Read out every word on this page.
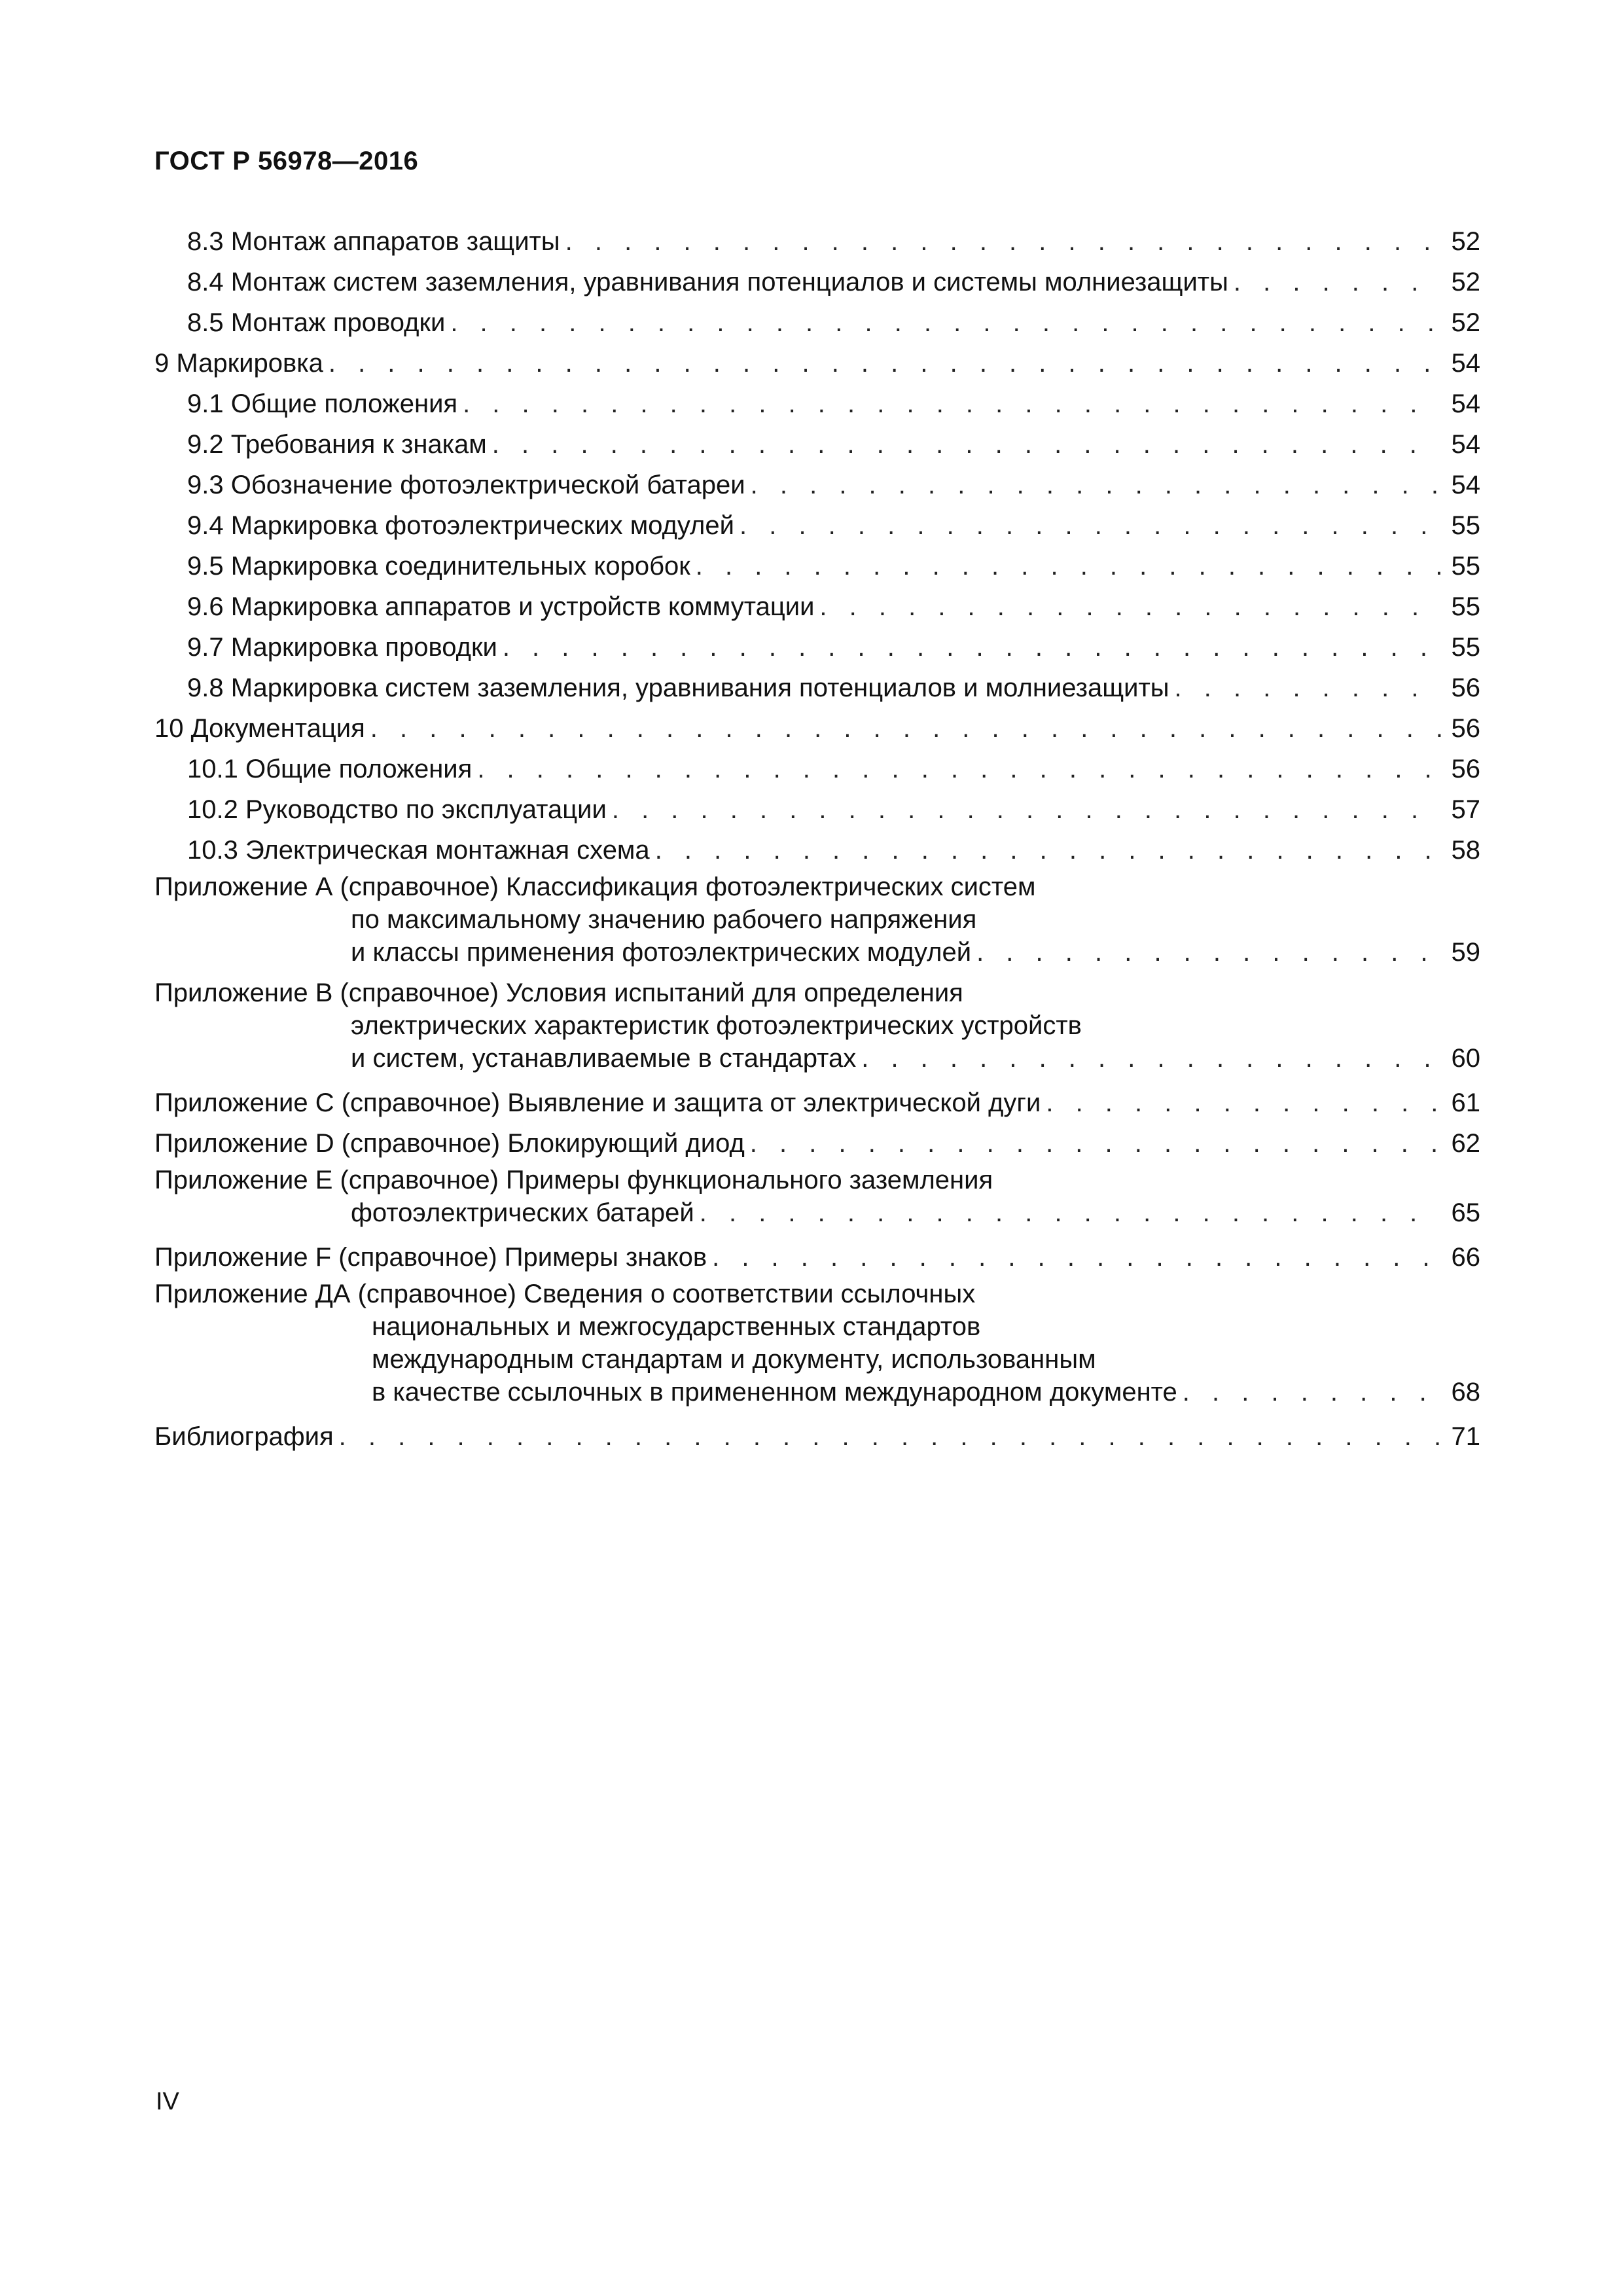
ГОСТ Р 56978—2016
8.3 Монтаж аппаратов защиты . . .	52
8.4 Монтаж систем заземления, уравнивания потенциалов и системы молниезащиты . . .	52
8.5 Монтаж проводки . . .	52
9 Маркировка . . .	54
9.1 Общие положения . . .	54
9.2 Требования к знакам . . .	54
9.3 Обозначение фотоэлектрической батареи . . .	54
9.4 Маркировка фотоэлектрических модулей . . .	55
9.5 Маркировка соединительных коробок . . .	55
9.6 Маркировка аппаратов и устройств коммутации . . .	55
9.7 Маркировка проводки . . .	55
9.8 Маркировка систем заземления, уравнивания потенциалов и молниезащиты . . .	56
10 Документация . . .	56
10.1 Общие положения . . .	56
10.2 Руководство по эксплуатации . . .	57
10.3 Электрическая монтажная схема . . .	58
Приложение А (справочное) Классификация фотоэлектрических систем
по максимальному значению рабочего напряжения
и классы применения фотоэлектрических модулей . . .	59
Приложение В (справочное) Условия испытаний для определения
электрических характеристик фотоэлектрических устройств
и систем, устанавливаемые в стандартах . . .	60
Приложение С (справочное) Выявление и защита от электрической дуги . . .	61
Приложение D (справочное) Блокирующий диод . . .	62
Приложение Е (справочное) Примеры функционального заземления
фотоэлектрических батарей . . .	65
Приложение F (справочное) Примеры знаков . . .	66
Приложение ДА (справочное) Сведения о соответствии ссылочных
национальных и межгосударственных стандартов
международным стандартам и документу, использованным
в качестве ссылочных в примененном международном документе . . .	68
Библиография . . .	71
IV
